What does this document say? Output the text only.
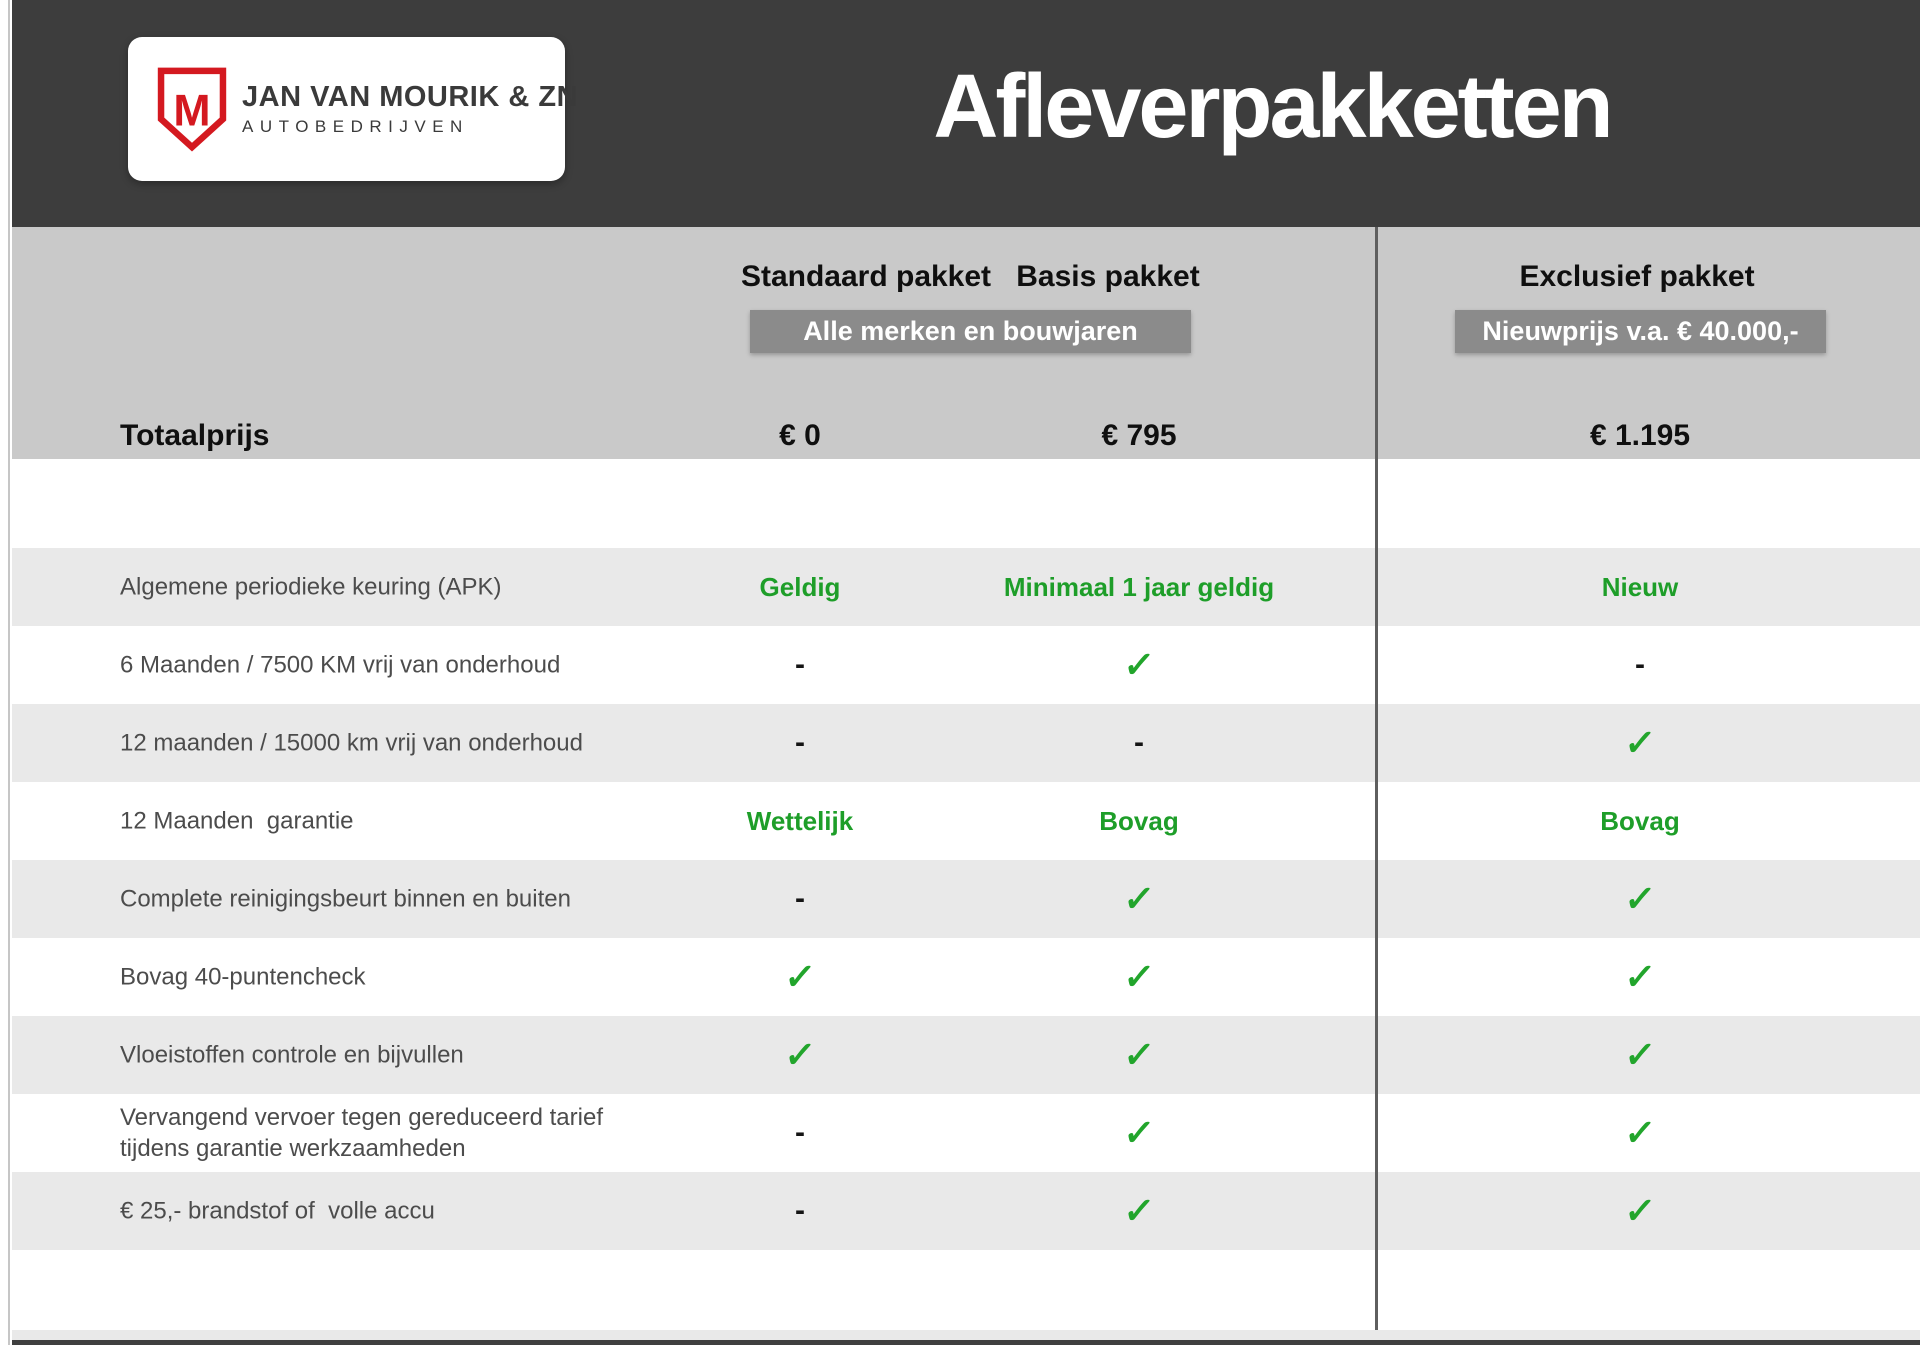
M JAN VAN MOURIK & ZN
AUTOBEDRIJVEN	Afleverpakketten
Standaard pakket Basis pakket	Exclusief pakket
Alle merken en bouwjaren	Nieuwprijs v.a. € 40.000,-
Totaalprijs	€ 0	€ 795	€ 1.195
Algemene periodieke keuring (APK)	Geldig	Minimaal 1 jaar geldig	Nieuw
6 Maanden / 7500 KM vrij van onderhoud	-	✓	-
12 maanden / 15000 km vrij van onderhoud	-	-	✓
12 Maanden  garantie	Wettelijk	Bovag	Bovag
Complete reinigingsbeurt binnen en buiten	-	✓	✓
Bovag 40-puntencheck	✓	✓	✓
Vloeistoffen controle en bijvullen	✓	✓	✓
Vervangend vervoer tegen gereduceerd tarief tijdens garantie werkzaamheden	-	✓	✓
€ 25,- brandstof of  volle accu	-	✓	✓
